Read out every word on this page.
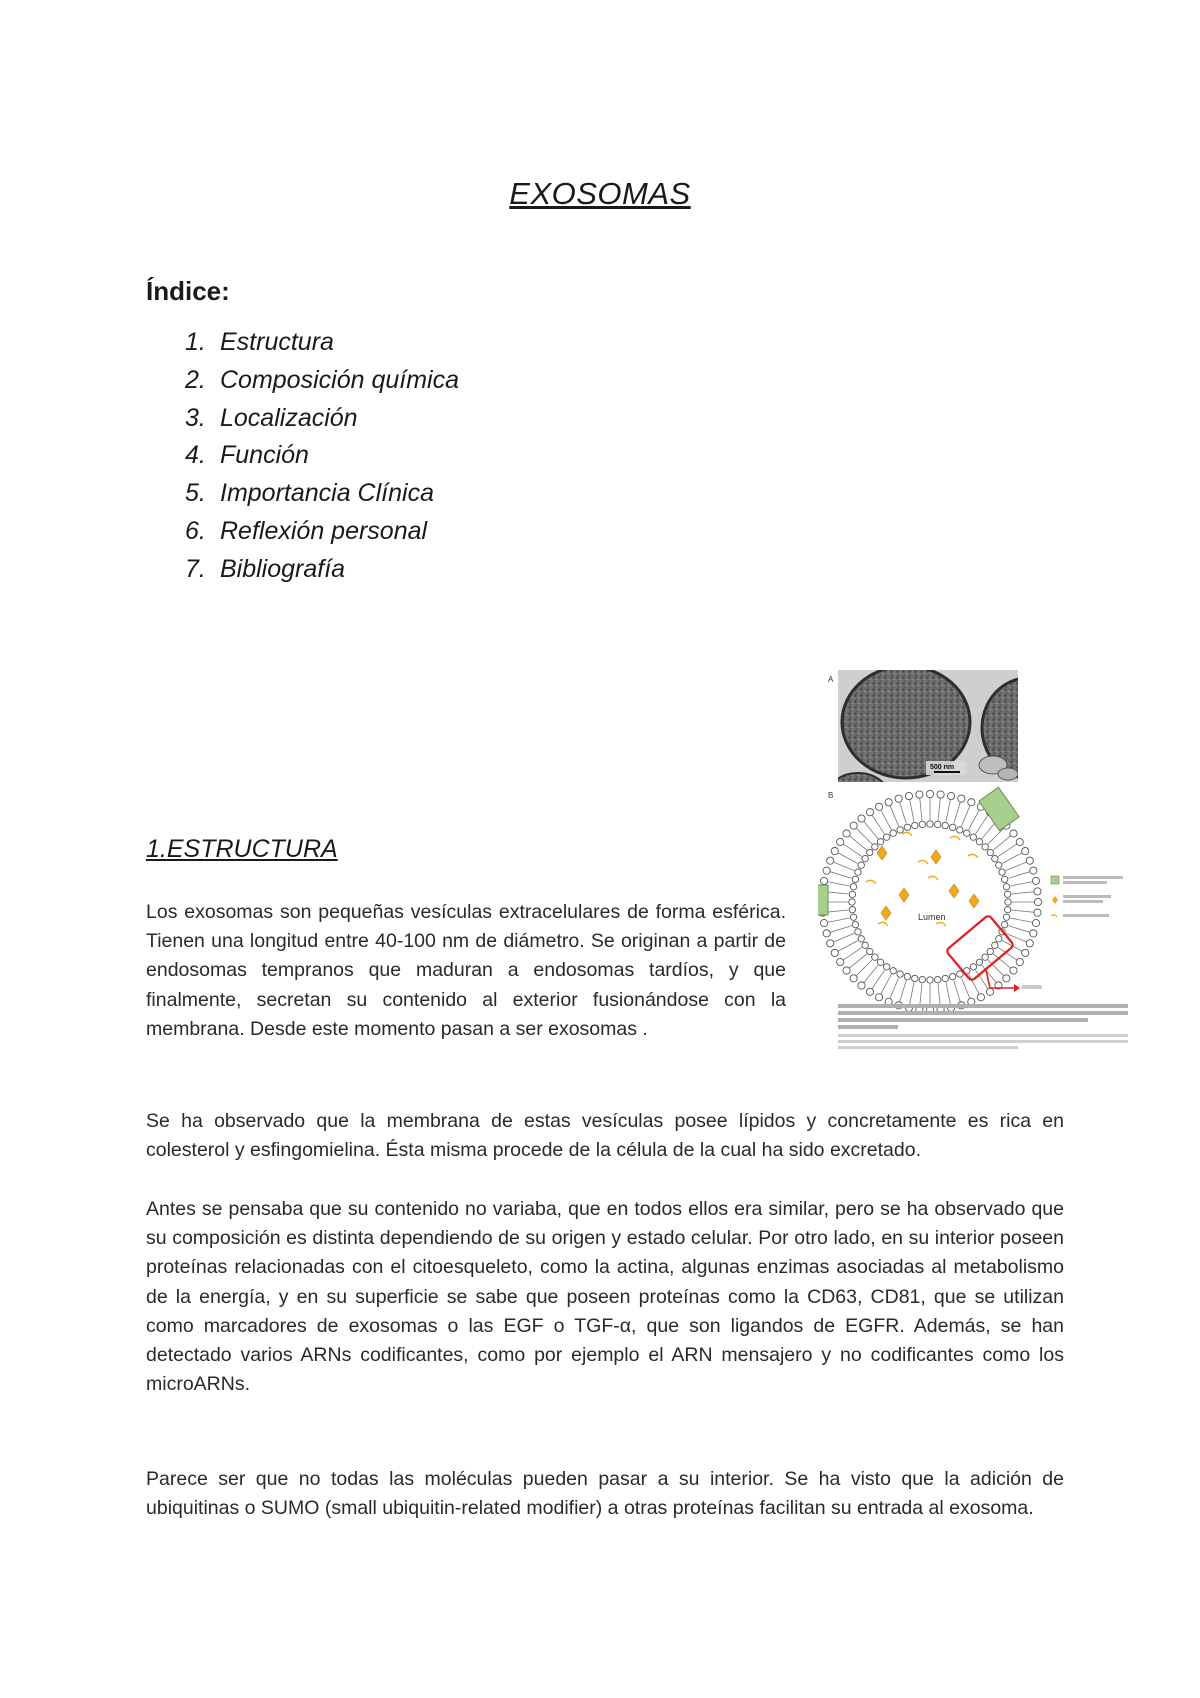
EXOSOMAS
Índice:
1. Estructura
2. Composición química
3. Localización
4. Función
5. Importancia Clínica
6. Reflexión personal
7. Bibliografía
A
500 nm
B
Lumen
1.ESTRUCTURA

Los exosomas son pequeñas vesículas extracelulares de forma esférica. Tienen una longitud entre 40-100 nm de diámetro. Se originan a partir de endosomas tempranos que maduran a endosomas tardíos, y que finalmente, secretan su contenido al exterior fusionándose con la membrana. Desde este momento pasan a ser exosomas .

Se ha observado que la membrana de estas vesículas posee lípidos y concretamente es rica en colesterol y esfingomielina. Ésta misma procede de la célula de la cual ha sido excretado.

Antes se pensaba que su contenido no variaba, que en todos ellos era similar, pero se ha observado que su composición es distinta dependiendo de su origen y estado celular. Por otro lado, en su interior poseen proteínas relacionadas con el citoesqueleto, como la actina, algunas enzimas asociadas al metabolismo de la energía, y en su superficie se sabe que poseen proteínas como la CD63, CD81, que se utilizan como marcadores de exosomas o las EGF o TGF-α, que son ligandos de EGFR. Además, se han detectado varios ARNs codificantes, como por ejemplo el ARN mensajero y no codificantes como los microARNs.

Parece ser que no todas las moléculas pueden pasar a su interior. Se ha visto que la adición de ubiquitinas o SUMO (small ubiquitin-related modifier) a otras proteínas facilitan su entrada al exosoma.
